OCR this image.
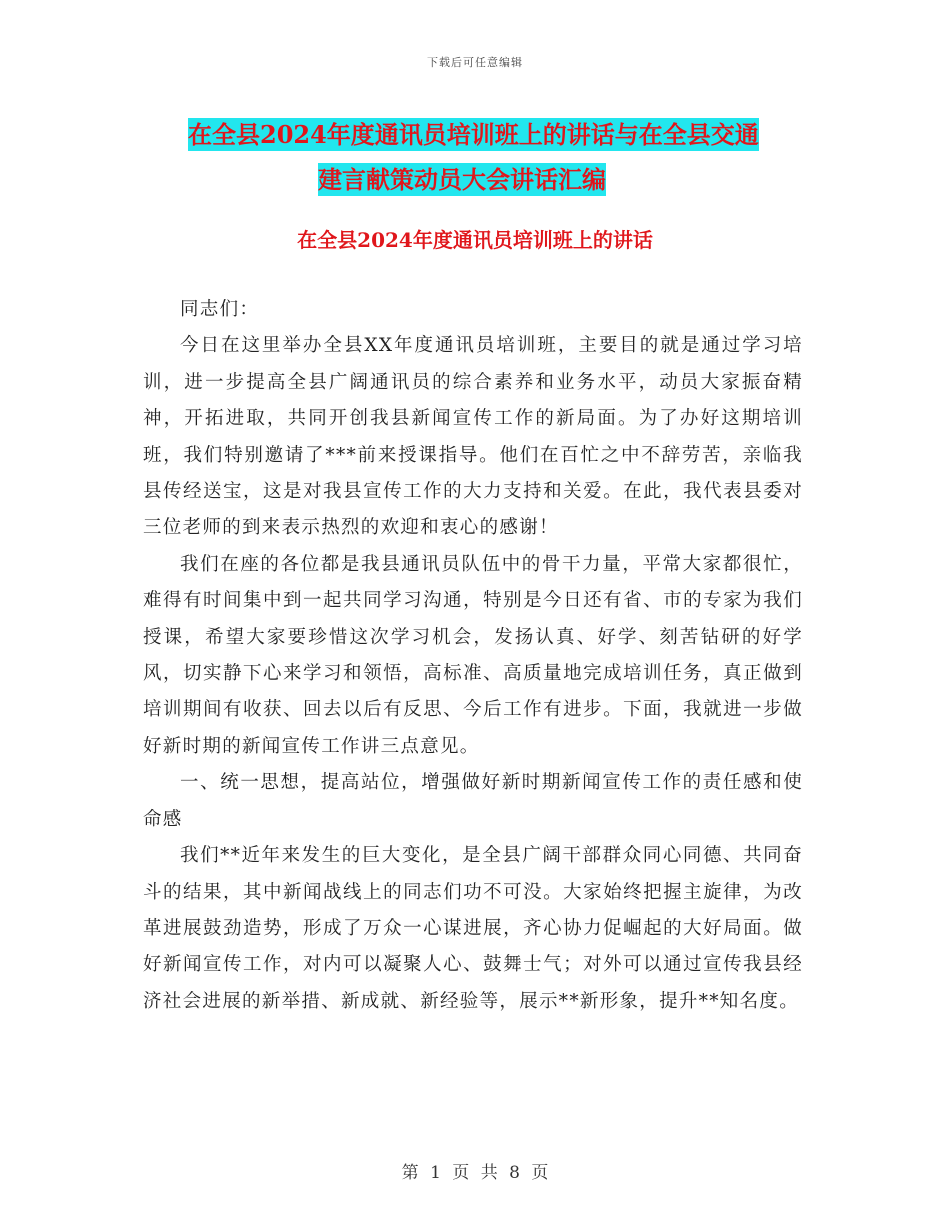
下载后可任意编辑
在全县2024年度通讯员培训班上的讲话与在全县交通
建言献策动员大会讲话汇编
在全县2024年度通讯员培训班上的讲话

同志们：

今日在这里举办全县XX年度通讯员培训班，主要目的就是通过学习培训，进一步提高全县广阔通讯员的综合素养和业务水平，动员大家振奋精神，开拓进取，共同开创我县新闻宣传工作的新局面。为了办好这期培训班，我们特别邀请了***前来授课指导。他们在百忙之中不辞劳苦，亲临我县传经送宝，这是对我县宣传工作的大力支持和关爱。在此，我代表县委对三位老师的到来表示热烈的欢迎和衷心的感谢！

我们在座的各位都是我县通讯员队伍中的骨干力量，平常大家都很忙，难得有时间集中到一起共同学习沟通，特别是今日还有省、市的专家为我们授课，希望大家要珍惜这次学习机会，发扬认真、好学、刻苦钻研的好学风，切实静下心来学习和领悟，高标准、高质量地完成培训任务，真正做到培训期间有收获、回去以后有反思、今后工作有进步。下面，我就进一步做好新时期的新闻宣传工作讲三点意见。

一、统一思想，提高站位，增强做好新时期新闻宣传工作的责任感和使命感

我们**近年来发生的巨大变化，是全县广阔干部群众同心同德、共同奋斗的结果，其中新闻战线上的同志们功不可没。大家始终把握主旋律，为改革进展鼓劲造势，形成了万众一心谋进展，齐心协力促崛起的大好局面。做好新闻宣传工作，对内可以凝聚人心、鼓舞士气；对外可以通过宣传我县经济社会进展的新举措、新成就、新经验等，展示**新形象，提升**知名度。

第 1 页 共 8 页
